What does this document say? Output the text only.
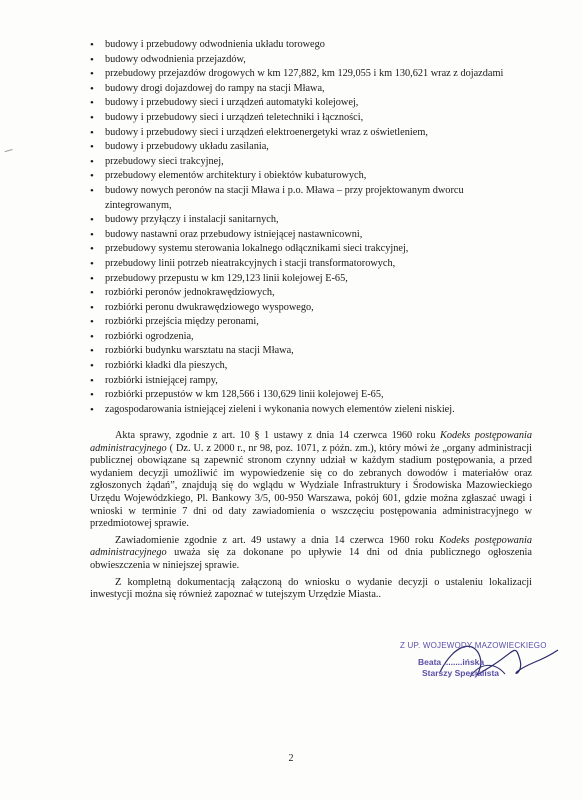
• budowy i przebudowy odwodnienia układu torowego
• budowy odwodnienia przejazdów,
• przebudowy przejazdów drogowych w km 127,882, km 129,055 i km 130,621 wraz z dojazdami
• budowy drogi dojazdowej do rampy na stacji Mława,
• budowy i przebudowy sieci i urządzeń automatyki kolejowej,
• budowy i przebudowy sieci i urządzeń teletechniki i łączności,
• budowy i przebudowy sieci i urządzeń elektroenergetyki wraz z oświetleniem,
• budowy i przebudowy układu zasilania,
• przebudowy sieci trakcyjnej,
• przebudowy elementów architektury i obiektów kubaturowych,
• budowy nowych peronów na stacji Mława i p.o. Mława – przy projektowanym dworcu zintegrowanym,
• budowy przyłączy i instalacji sanitarnych,
• budowy nastawni oraz przebudowy istniejącej nastawnicowni,
• przebudowy systemu sterowania lokalnego odłącznikami sieci trakcyjnej,
• przebudowy linii potrzeb nieatrakcyjnych i stacji transformatorowych,
• przebudowy przepustu w km 129,123 linii kolejowej E-65,
• rozbiórki peronów jednokrawędziowych,
• rozbiórki peronu dwukrawędziowego wyspowego,
• rozbiórki przejścia między peronami,
• rozbiórki ogrodzenia,
• rozbiórki budynku warsztatu na stacji Mława,
• rozbiórki kładki dla pieszych,
• rozbiórki istniejącej rampy,
• rozbiórki przepustów w km 128,566 i 130,629 linii kolejowej E-65,
• zagospodarowania istniejącej zieleni i wykonania nowych elementów zieleni niskiej.

Akta sprawy, zgodnie z art. 10 § 1 ustawy z dnia 14 czerwca 1960 roku Kodeks postępowania administracyjnego ( Dz. U. z 2000 r., nr 98, poz. 1071, z późn. zm.), który mówi że „organy administracji publicznej obowiązane są zapewnić stronom czynny udział w każdym stadium postępowania, a przed wydaniem decyzji umożliwić im wypowiedzenie się co do zebranych dowodów i materiałów oraz zgłoszonych żądań”, znajdują się do wglądu w Wydziale Infrastruktury i Środowiska Mazowieckiego Urzędu Wojewódzkiego, Pl. Bankowy 3/5, 00-950 Warszawa, pokój 601, gdzie można zgłaszać uwagi i wnioski w terminie 7 dni od daty zawiadomienia o wszczęciu postępowania administracyjnego w przedmiotowej sprawie.

Zawiadomienie zgodnie z art. 49 ustawy a dnia 14 czerwca 1960 roku Kodeks postępowania administracyjnego uważa się za dokonane po upływie 14 dni od dnia publicznego ogłoszenia obwieszczenia w niniejszej sprawie.

Z kompletną dokumentacją załączoną do wniosku o wydanie decyzji o ustaleniu lokalizacji inwestycji można się również zapoznać w tutejszym Urzędzie Miasta..

Z UP. WOJEWODY MAZOWIECKIEGO
Beata ........ińska
Starszy Specjalista
2
